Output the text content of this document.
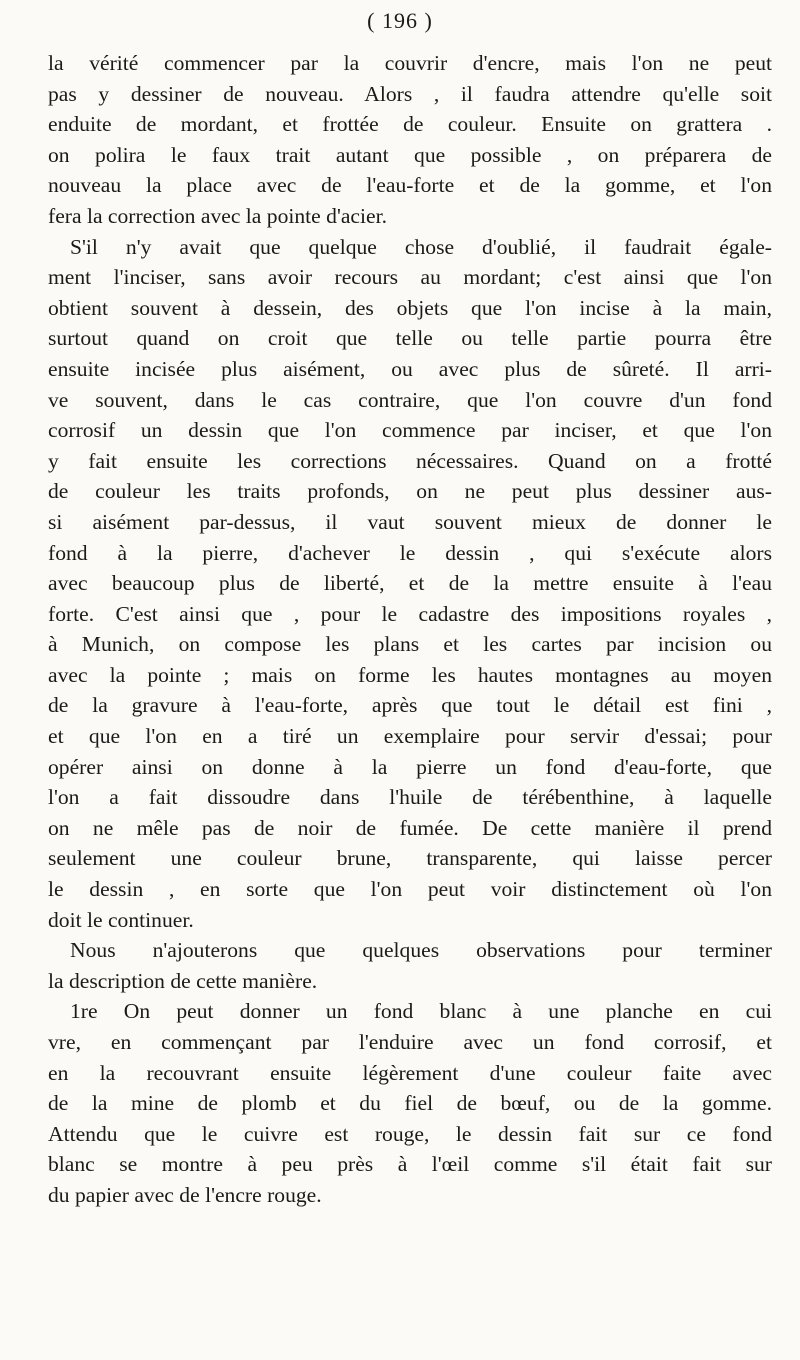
( 196 )
la vérité commencer par la couvrir d'encre, mais l'on ne peut
pas y dessiner de nouveau. Alors , il faudra attendre qu'elle soit
enduite de mordant, et frottée de couleur. Ensuite on grattera .
on polira le faux trait autant que possible , on préparera de
nouveau la place avec de l'eau-forte et de la gomme, et l'on
fera la correction avec la pointe d'acier.
S'il n'y avait que quelque chose d'oublié, il faudrait égale-
ment l'inciser, sans avoir recours au mordant; c'est ainsi que l'on
obtient souvent à dessein, des objets que l'on incise à la main,
surtout quand on croit que telle ou telle partie pourra être
ensuite incisée plus aisément, ou avec plus de sûreté. Il arri-
ve souvent, dans le cas contraire, que l'on couvre d'un fond
corrosif un dessin que l'on commence par inciser, et que l'on
y fait ensuite les corrections nécessaires. Quand on a frotté
de couleur les traits profonds, on ne peut plus dessiner aus-
si aisément par-dessus, il vaut souvent mieux de donner le
fond à la pierre, d'achever le dessin , qui s'exécute alors
avec beaucoup plus de liberté, et de la mettre ensuite à l'eau
forte. C'est ainsi que , pour le cadastre des impositions royales ,
à Munich, on compose les plans et les cartes par incision ou
avec la pointe ; mais on forme les hautes montagnes au moyen
de la gravure à l'eau-forte, après que tout le détail est fini ,
et que l'on en a tiré un exemplaire pour servir d'essai; pour
opérer ainsi on donne à la pierre un fond d'eau-forte, que
l'on a fait dissoudre dans l'huile de térébenthine, à laquelle
on ne mêle pas de noir de fumée. De cette manière il prend
seulement une couleur brune, transparente, qui laisse percer
le dessin , en sorte que l'on peut voir distinctement où l'on
doit le continuer.
Nous n'ajouterons que quelques observations pour terminer
la description de cette manière.
1re On peut donner un fond blanc à une planche en cui
vre, en commençant par l'enduire avec un fond corrosif, et
en la recouvrant ensuite légèrement d'une couleur faite avec
de la mine de plomb et du fiel de bœuf, ou de la gomme.
Attendu que le cuivre est rouge, le dessin fait sur ce fond
blanc se montre à peu près à l'œil comme s'il était fait sur
du papier avec de l'encre rouge.
